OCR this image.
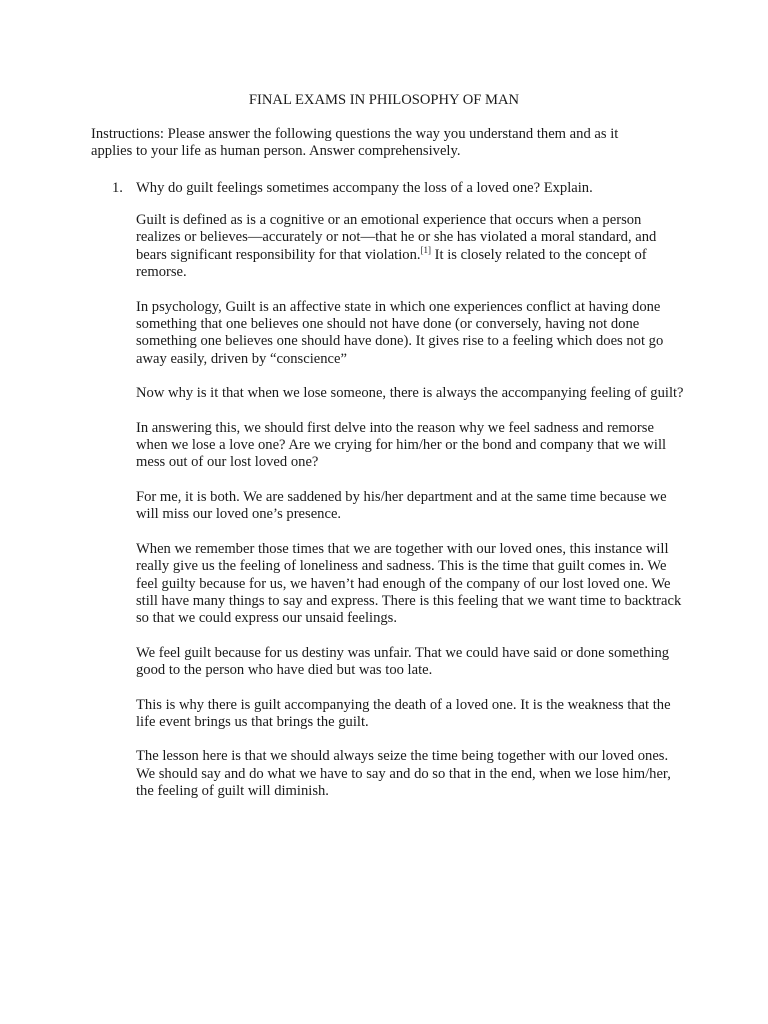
FINAL EXAMS IN PHILOSOPHY OF MAN

Instructions: Please answer the following questions the way you understand them and as it applies to your life as human person. Answer comprehensively.

1. Why do guilt feelings sometimes accompany the loss of a loved one? Explain.

Guilt is defined as is a cognitive or an emotional experience that occurs when a person realizes or believes—accurately or not—that he or she has violated a moral standard, and bears significant responsibility for that violation.[1] It is closely related to the concept of remorse.

In psychology, Guilt is an affective state in which one experiences conflict at having done something that one believes one should not have done (or conversely, having not done something one believes one should have done). It gives rise to a feeling which does not go away easily, driven by “conscience”

Now why is it that when we lose someone, there is always the accompanying feeling of guilt?

In answering this, we should first delve into the reason why we feel sadness and remorse when we lose a love one? Are we crying for him/her or the bond and company that we will mess out of our lost loved one?

For me, it is both. We are saddened by his/her department and at the same time because we will miss our loved one’s presence.

When we remember those times that we are together with our loved ones, this instance will really give us the feeling of loneliness and sadness. This is the time that guilt comes in. We feel guilty because for us, we haven’t had enough of the company of our lost loved one. We still have many things to say and express. There is this feeling that we want time to backtrack so that we could express our unsaid feelings.

We feel guilt because for us destiny was unfair. That we could have said or done something good to the person who have died but was too late.

This is why there is guilt accompanying the death of a loved one. It is the weakness that the life event brings us that brings the guilt.

The lesson here is that we should always seize the time being together with our loved ones. We should say and do what we have to say and do so that in the end, when we lose him/her, the feeling of guilt will diminish.
